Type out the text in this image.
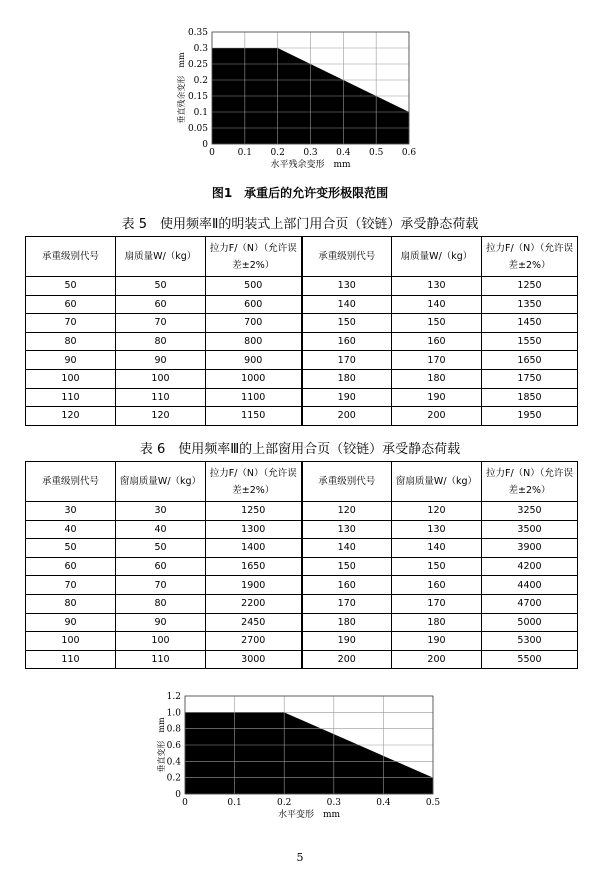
0	0.1 0.2 0.3 0.4 0.5 0.6
0
0.05
0.1
0.15
0.2
0.25
0.3
0.35
水平残余变形　mm
垂直残余变形　mm
图1　承重后的允许变形极限范围
表 5　使用频率Ⅱ的明装式上部门用合页（铰链）承受静态荷载
承重级别代号	扇质量W/（kg）	拉力F/（N）（允许误差±2%）	承重级别代号	扇质量W/（kg）	拉力F/（N）（允许误差±2%）
50	50	500	130	130	1250
60	60	600	140	140	1350
70	70	700	150	150	1450
80	80	800	160	160	1550
90	90	900	170	170	1650
100	100	1000	180	180	1750
110	110	1100	190	190	1850
120	120	1150	200	200	1950
表 6　使用频率Ⅲ的上部窗用合页（铰链）承受静态荷载
承重级别代号	窗扇质量W/（kg）	拉力F/（N）（允许误差±2%）	承重级别代号	窗扇质量W/（kg）	拉力F/（N）（允许误差±2%）
30	30	1250	120	120	3250
40	40	1300	130	130	3500
50	50	1400	140	140	3900
60	60	1650	150	150	4200
70	70	1900	160	160	4400
80	80	2200	170	170	4700
90	90	2450	180	180	5000
100	100	2700	190	190	5300
110	110	3000	200	200	5500
0	0.1	0.2	0.3	0.4	0.5
0
0.2
0.4
0.6
0.8
1.0
1.2
水平变形　mm
垂直变形　mm
5
